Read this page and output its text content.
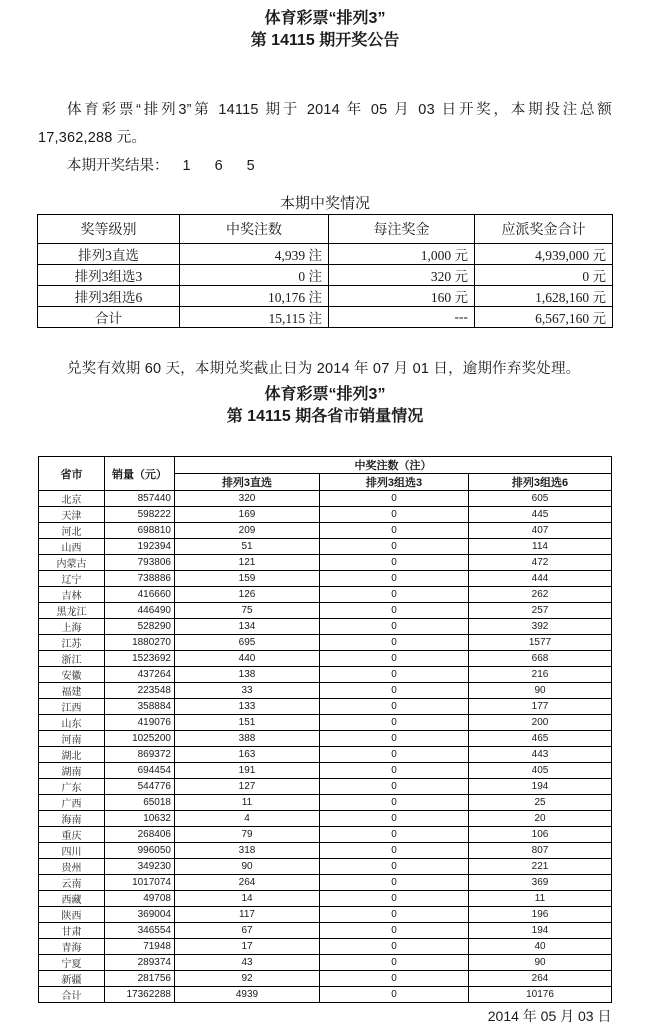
体育彩票“排列3”
第 14115 期开奖公告

体育彩票“排列3”第 14115 期于 2014 年 05 月 03 日开奖，本期投注总额 17,362,288 元。

本期开奖结果： 1 6 5
本期中奖情况
奖等级别	中奖注数	每注奖金	应派奖金合计
排列3直选	4,939 注	1,000 元	4,939,000 元
排列3组选3	0 注	320 元	0 元
排列3组选6	10,176 注	160 元	1,628,160 元
合计	15,115 注	---	6,567,160 元

兑奖有效期 60 天，本期兑奖截止日为 2014 年 07 月 01 日，逾期作弃奖处理。

体育彩票“排列3”
第 14115 期各省市销量情况
省市	销量（元）	中奖注数（注）		
		排列3直选	排列3组选3	排列3组选6
北京	857440	320	0	605
天津	598222	169	0	445
河北	698810	209	0	407
山西	192394	51	0	114
内蒙古	793806	121	0	472
辽宁	738886	159	0	444
吉林	416660	126	0	262
黑龙江	446490	75	0	257
上海	528290	134	0	392
江苏	1880270	695	0	1577
浙江	1523692	440	0	668
安徽	437264	138	0	216
福建	223548	33	0	90
江西	358884	133	0	177
山东	419076	151	0	200
河南	1025200	388	0	465
湖北	869372	163	0	443
湖南	694454	191	0	405
广东	544776	127	0	194
广西	65018	11	0	25
海南	10632	4	0	20
重庆	268406	79	0	106
四川	996050	318	0	807
贵州	349230	90	0	221
云南	1017074	264	0	369
西藏	49708	14	0	11
陕西	369004	117	0	196
甘肃	346554	67	0	194
青海	71948	17	0	40
宁夏	289374	43	0	90
新疆	281756	92	0	264
合计	17362288	4939	0	10176
2014 年 05 月 03 日
